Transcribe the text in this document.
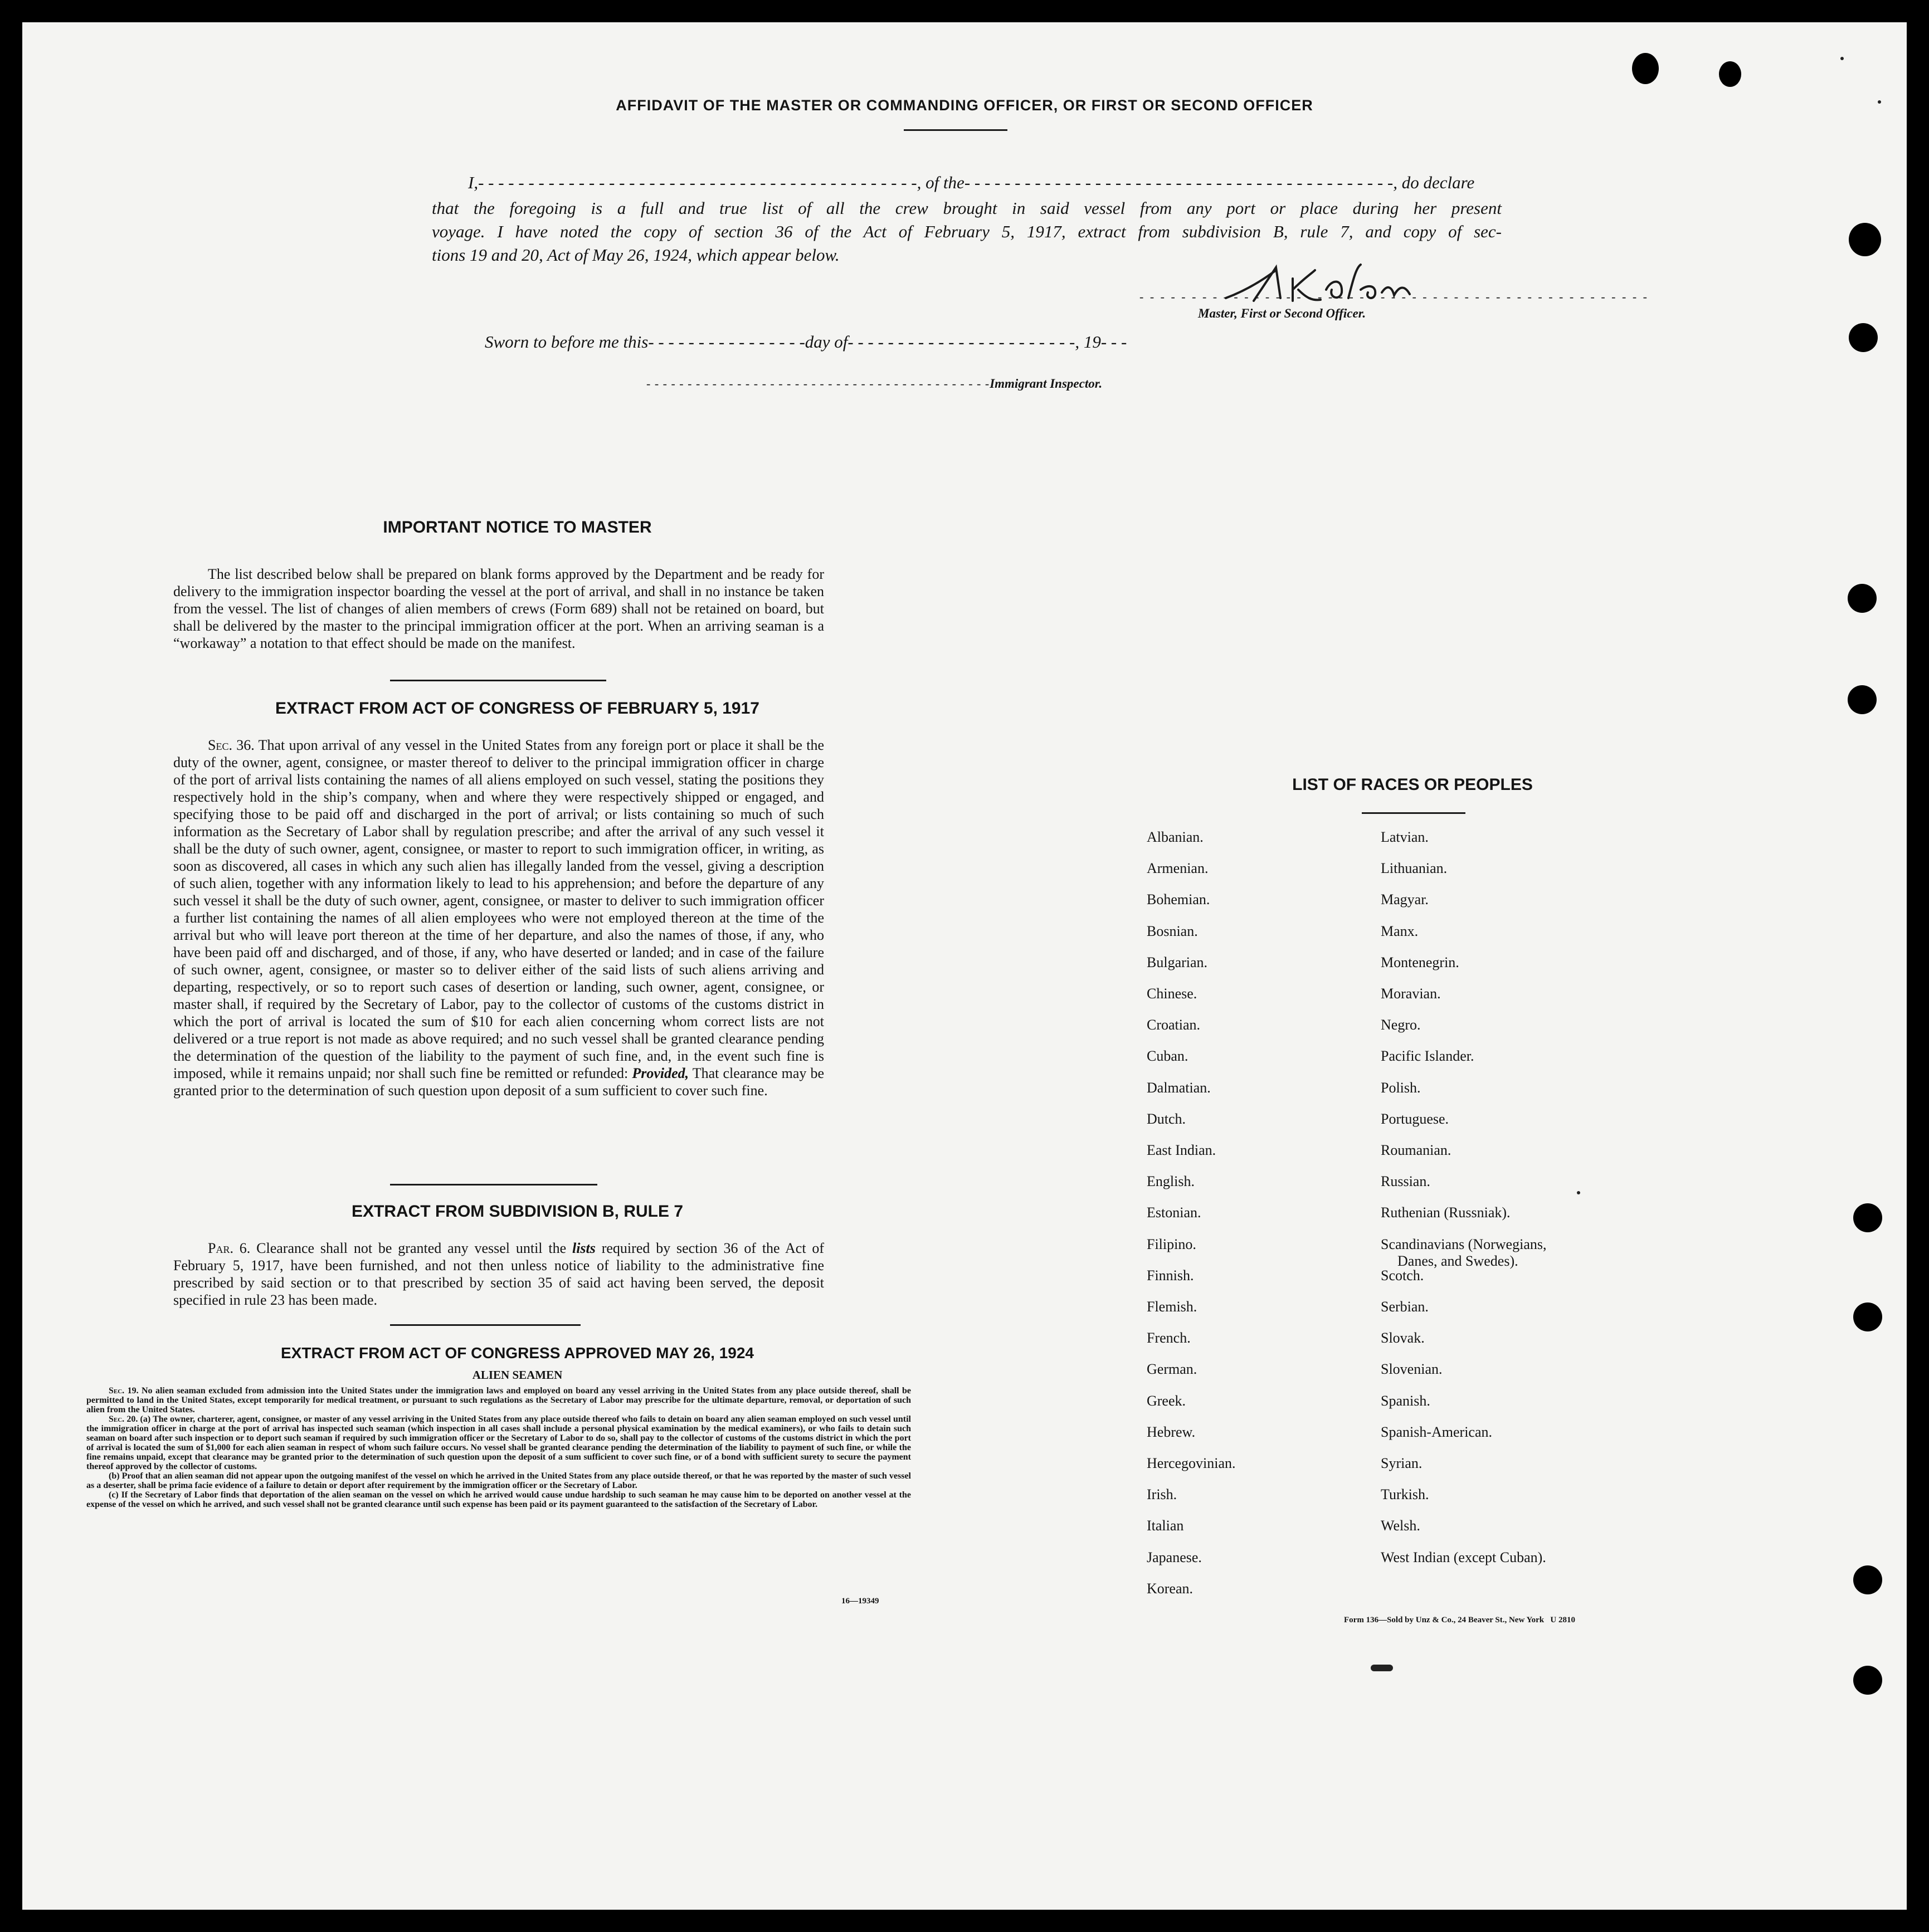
AFFIDAVIT OF THE MASTER OR COMMANDING OFFICER, OR FIRST OR SECOND OFFICER
I,- - - - - - - - - - - - - - - - - - - - - - - - - - - - - - - - - - - - - - - - - - - -, of the- - - - - - - - - - - - - - - - - - - - - - - - - - - - - - - - - - - - - - - - - - -, do declare
that the foregoing is a full and true list of all the crew brought in said vessel from any port or place during her present
voyage. I have noted the copy of section 36 of the Act of February 5, 1917, extract from subdivision B, rule 7, and copy of sec-
tions 19 and 20, Act of May 26, 1924, which appear below.
- - - - - - - - - - - - - - - - - - - - - - - - - - - - - - - - - - - - - - - - - - - - - - - - -
Master, First or Second Officer.
Sworn to before me this- - - - - - - - - - - - - - - -day of- - - - - - - - - - - - - - - - - - - - - - -, 19- - -
- - - - - - - - - - - - - - - - - - - - - - - - - - - - - - - - - - - - - - - - - -Immigrant Inspector.
IMPORTANT NOTICE TO MASTER

The list described below shall be prepared on blank forms approved by the Department and be ready for delivery to the immigration inspector boarding the vessel at the port of arrival, and shall in no instance be taken from the vessel. The list of changes of alien members of crews (Form 689) shall not be retained on board, but shall be delivered by the master to the principal immigration officer at the port. When an arriving seaman is a “workaway” a notation to that effect should be made on the manifest.

EXTRACT FROM ACT OF CONGRESS OF FEBRUARY 5, 1917

Sec. 36. That upon arrival of any vessel in the United States from any foreign port or place it shall be the duty of the owner, agent, consignee, or master thereof to deliver to the principal immigration officer in charge of the port of arrival lists containing the names of all aliens employed on such vessel, stating the positions they respectively hold in the ship’s company, when and where they were respectively shipped or engaged, and specifying those to be paid off and discharged in the port of arrival; or lists containing so much of such information as the Secretary of Labor shall by regulation prescribe; and after the arrival of any such vessel it shall be the duty of such owner, agent, consignee, or master to report to such immigration officer, in writing, as soon as discovered, all cases in which any such alien has illegally landed from the vessel, giving a description of such alien, together with any information likely to lead to his apprehension; and before the departure of any such vessel it shall be the duty of such owner, agent, consignee, or master to deliver to such immigration officer a further list containing the names of all alien employees who were not employed thereon at the time of the arrival but who will leave port thereon at the time of her departure, and also the names of those, if any, who have been paid off and discharged, and of those, if any, who have deserted or landed; and in case of the failure of such owner, agent, consignee, or master so to deliver either of the said lists of such aliens arriving and departing, respectively, or so to report such cases of desertion or landing, such owner, agent, consignee, or master shall, if required by the Secretary of Labor, pay to the collector of customs of the customs district in which the port of arrival is located the sum of $10 for each alien concerning whom correct lists are not delivered or a true report is not made as above required; and no such vessel shall be granted clearance pending the determination of the question of the liability to the payment of such fine, and, in the event such fine is imposed, while it remains unpaid; nor shall such fine be remitted or refunded: Provided, That clearance may be granted prior to the determination of such question upon deposit of a sum sufficient to cover such fine.

EXTRACT FROM SUBDIVISION B, RULE 7

Par. 6. Clearance shall not be granted any vessel until the lists required by section 36 of the Act of February 5, 1917, have been furnished, and not then unless notice of liability to the administrative fine prescribed by said section or to that prescribed by section 35 of said act having been served, the deposit specified in rule 23 has been made.

EXTRACT FROM ACT OF CONGRESS APPROVED MAY 26, 1924
ALIEN SEAMEN

Sec. 19. No alien seaman excluded from admission into the United States under the immigration laws and employed on board any vessel arriving in the United States from any place outside thereof, shall be permitted to land in the United States, except temporarily for medical treatment, or pursuant to such regulations as the Secretary of Labor may prescribe for the ultimate departure, removal, or deportation of such alien from the United States.

Sec. 20. (a) The owner, charterer, agent, consignee, or master of any vessel arriving in the United States from any place outside thereof who fails to detain on board any alien seaman employed on such vessel until the immigration officer in charge at the port of arrival has inspected such seaman (which inspection in all cases shall include a personal physical examination by the medical examiners), or who fails to detain such seaman on board after such inspection or to deport such seaman if required by such immigration officer or the Secretary of Labor to do so, shall pay to the collector of customs of the customs district in which the port of arrival is located the sum of $1,000 for each alien seaman in respect of whom such failure occurs. No vessel shall be granted clearance pending the determination of the liability to payment of such fine, or while the fine remains unpaid, except that clearance may be granted prior to the determination of such question upon the deposit of a sum sufficient to cover such fine, or of a bond with sufficient surety to secure the payment thereof approved by the collector of customs.

(b) Proof that an alien seaman did not appear upon the outgoing manifest of the vessel on which he arrived in the United States from any place outside thereof, or that he was reported by the master of such vessel as a deserter, shall be prima facie evidence of a failure to detain or deport after requirement by the immigration officer or the Secretary of Labor.

(c) If the Secretary of Labor finds that deportation of the alien seaman on the vessel on which he arrived would cause undue hardship to such seaman he may cause him to be deported on another vessel at the expense of the vessel on which he arrived, and such vessel shall not be granted clearance until such expense has been paid or its payment guaranteed to the satisfaction of the Secretary of Labor.

16—19349
LIST OF RACES OR PEOPLES
Albanian.
Armenian.
Bohemian.
Bosnian.
Bulgarian.
Chinese.
Croatian.
Cuban.
Dalmatian.
Dutch.
East Indian.
English.
Estonian.
Filipino.
Finnish.
Flemish.
French.
German.
Greek.
Hebrew.
Hercegovinian.
Irish.
Italian
Japanese.
Korean.
Latvian.
Lithuanian.
Magyar.
Manx.
Montenegrin.
Moravian.
Negro.
Pacific Islander.
Polish.
Portuguese.
Roumanian.
Russian.
Ruthenian (Russniak).
Scandinavians (Norwegians,
Danes, and Swedes).
Scotch.
Serbian.
Slovak.
Slovenian.
Spanish.
Spanish-American.
Syrian.
Turkish.
Welsh.
West Indian (except Cuban).
Form 136—Sold by Unz & Co., 24 Beaver St., New York   U 2810
